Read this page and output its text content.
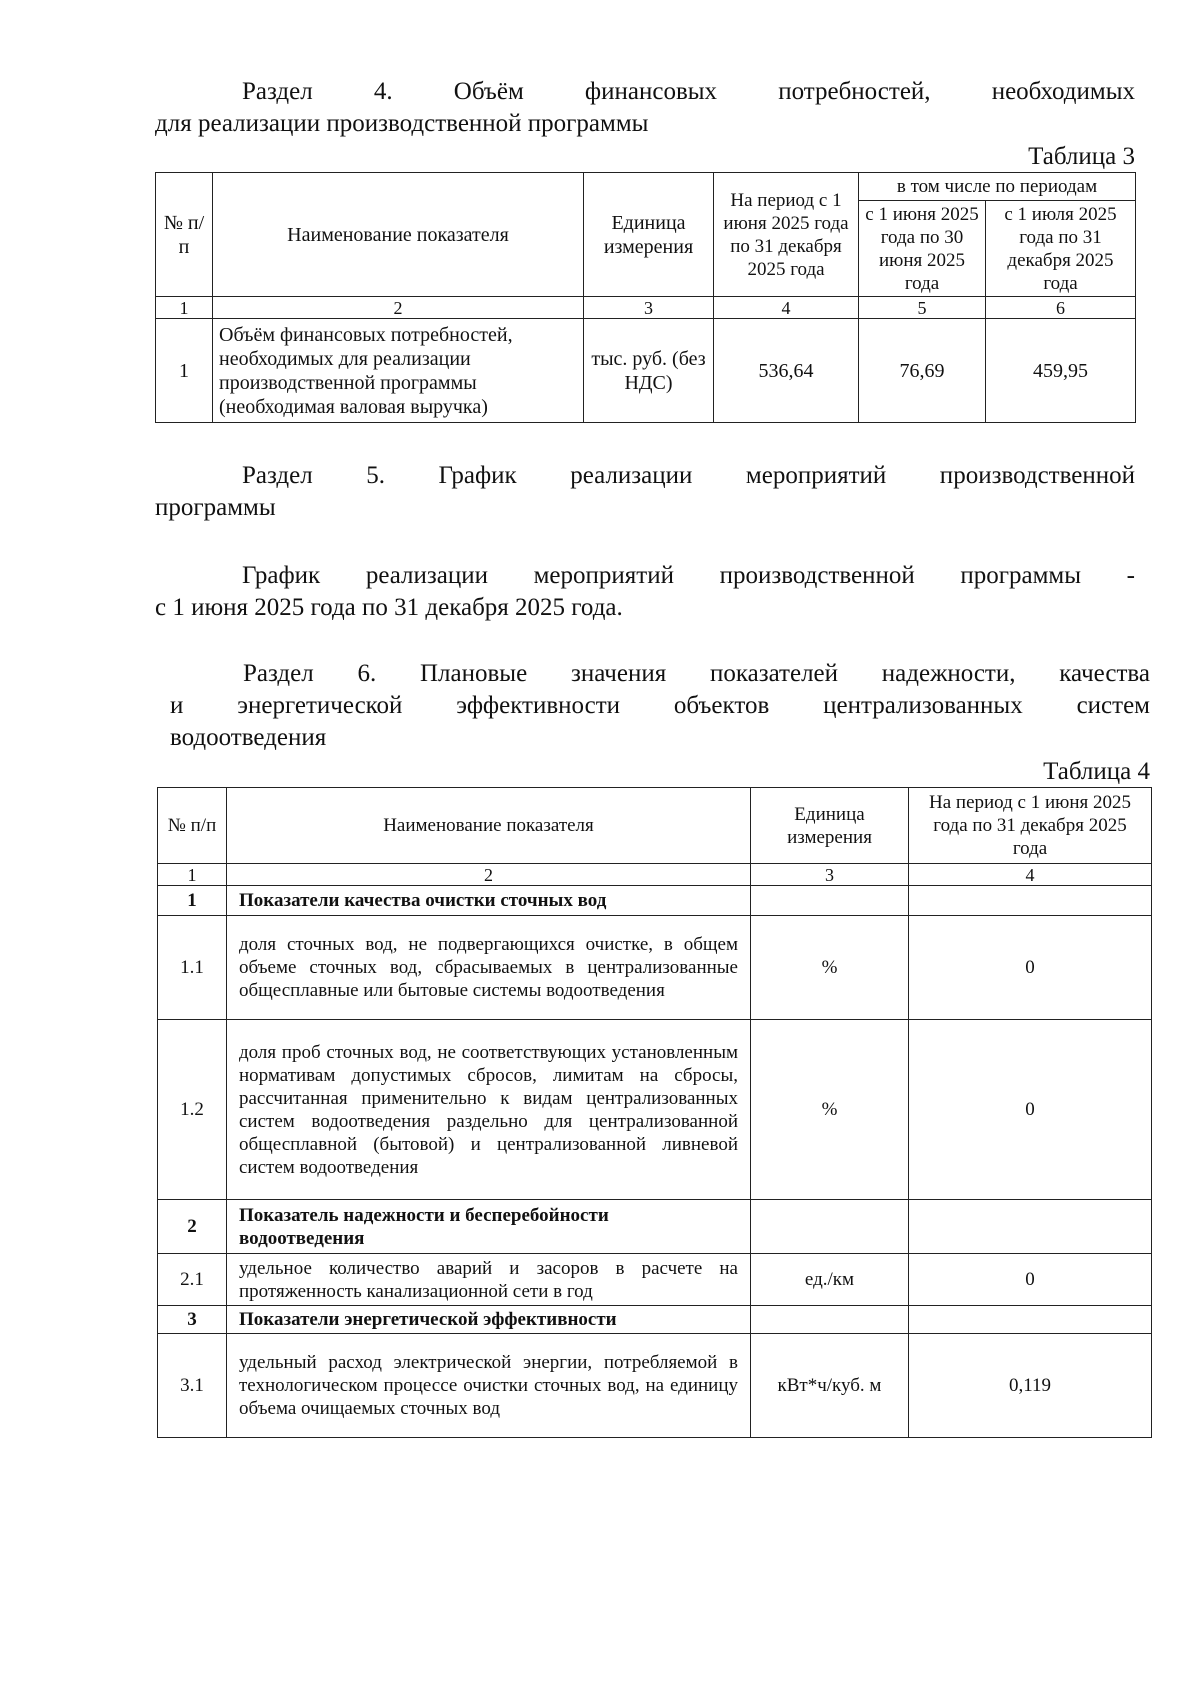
Раздел 4. Объём финансовых потребностей, необходимых

для реализации производственной программы

Таблица 3

№ п/п	Наименование показателя	Единица измерения	На период с 1 июня 2025 года по 31 декабря 2025 года	в том числе по периодам	
				с 1 июня 2025 года по 30 июня 2025 года	с 1 июля 2025 года по 31 декабря 2025 года
1	2	3	4	5	6
1	Объём финансовых потребностей, необходимых для реализации производственной программы (необходимая валовая выручка)	тыс. руб. (без НДС)	536,64	76,69	459,95

Раздел 5. График реализации мероприятий производственной

программы

График реализации мероприятий производственной программы -

с 1 июня 2025 года по 31 декабря 2025 года.

Раздел 6. Плановые значения показателей надежности, качества

и энергетической эффективности объектов централизованных систем

водоотведения

Таблица 4

№ п/п	Наименование показателя	Единица измерения	На период с 1 июня 2025 года по 31 декабря 2025 года
1	2	3	4
1	Показатели качества очистки сточных вод		
1.1	доля сточных вод, не подвергающихся очистке, в общем объеме сточных вод, сбрасываемых в централизованные общесплавные или бытовые системы водоотведения	%	0
1.2	доля проб сточных вод, не соответствующих установленным нормативам допустимых сбросов, лимитам на сбросы, рассчитанная применительно к видам централизованных систем водоотведения раздельно для централизованной общесплавной (бытовой) и централизованной ливневой систем водоотведения	%	0
2	Показатель надежности и бесперебойности водоотведения		
2.1	удельное количество аварий и засоров в расчете на протяженность канализационной сети в год	ед./км	0
3	Показатели энергетической эффективности		
3.1	удельный расход электрической энергии, потребляемой в технологическом процессе очистки сточных вод, на единицу объема очищаемых сточных вод	кВт*ч/куб. м	0,119
